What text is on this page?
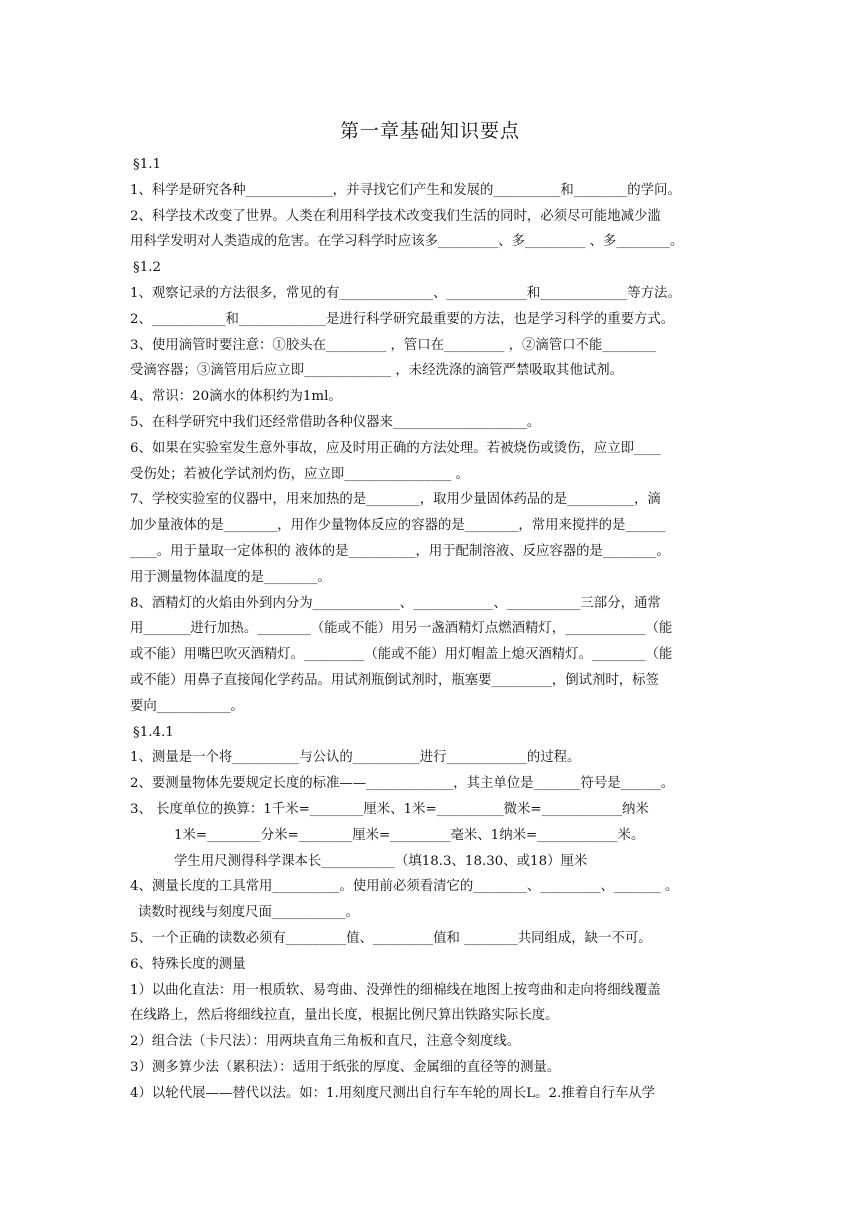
第一章基础知识要点
§1.1
1、科学是研究各种_____________，并寻找它们产生和发展的__________和________的学问。
2、科学技术改变了世界。人类在利用科学技术改变我们生活的同时，必须尽可能地减少滥
用科学发明对人类造成的危害。在学习科学时应该多_________、多_________ 、多________。
§1.2
1、观察记录的方法很多，常见的有______________、____________和_____________等方法。
2、___________和_____________是进行科学研究最重要的方法，也是学习科学的重要方式。
3、使用滴管时要注意：①胶头在_________ ，管口在_________ ，②滴管口不能________
受滴容器；③滴管用后应立即_____________ ，未经洗涤的滴管严禁吸取其他试剂。
4、常识：20滴水的体积约为1ml。
5、在科学研究中我们还经常借助各种仪器来____________________。
6、如果在实验室发生意外事故，应及时用正确的方法处理。若被烧伤或烫伤，应立即____
受伤处；若被化学试剂灼伤，应立即________________ 。
7、学校实验室的仪器中，用来加热的是________，取用少量固体药品的是__________，滴
加少量液体的是________，用作少量物体反应的容器的是________，常用来搅拌的是______
____。用于量取一定体积的 液体的是__________，用于配制溶液、反应容器的是________。
用于测量物体温度的是________。
8、酒精灯的火焰由外到内分为_____________、____________、___________三部分，通常
用_______进行加热。________（能或不能）用另一盏酒精灯点燃酒精灯，____________（能
或不能）用嘴巴吹灭酒精灯。_________（能或不能）用灯帽盖上熄灭酒精灯。________（能
或不能）用鼻子直接闻化学药品。用试剂瓶倒试剂时，瓶塞要_________，倒试剂时，标签
要向___________。
§1.4.1
1、测量是一个将__________与公认的__________进行____________的过程。
2、要测量物体先要规定长度的标准——_____________，其主单位是_______符号是______。
3、 长度单位的换算：1千米=________厘米、1米=__________微米=____________纳米
1米=________分米=________厘米=_________毫米、1纳米=____________米。
学生用尺测得科学课本长___________（填18.3、18.30、或18）厘米
4、测量长度的工具常用__________。使用前必须看清它的________、_________、_______ 。
读数时视线与刻度尺面___________。
5、一个正确的读数必须有_________值、_________值和 ________共同组成，缺一不可。
6、特殊长度的测量
1）以曲化直法：用一根质软、易弯曲、没弹性的细棉线在地图上按弯曲和走向将细线覆盖
在线路上，然后将细线拉直，量出长度，根据比例尺算出铁路实际长度。
2）组合法（卡尺法）：用两块直角三角板和直尺，注意令刻度线。
3）测多算少法（累积法）：适用于纸张的厚度、金属细的直径等的测量。
4）以轮代展——替代以法。如：1.用刻度尺测出自行车车轮的周长L。2.推着自行车从学
